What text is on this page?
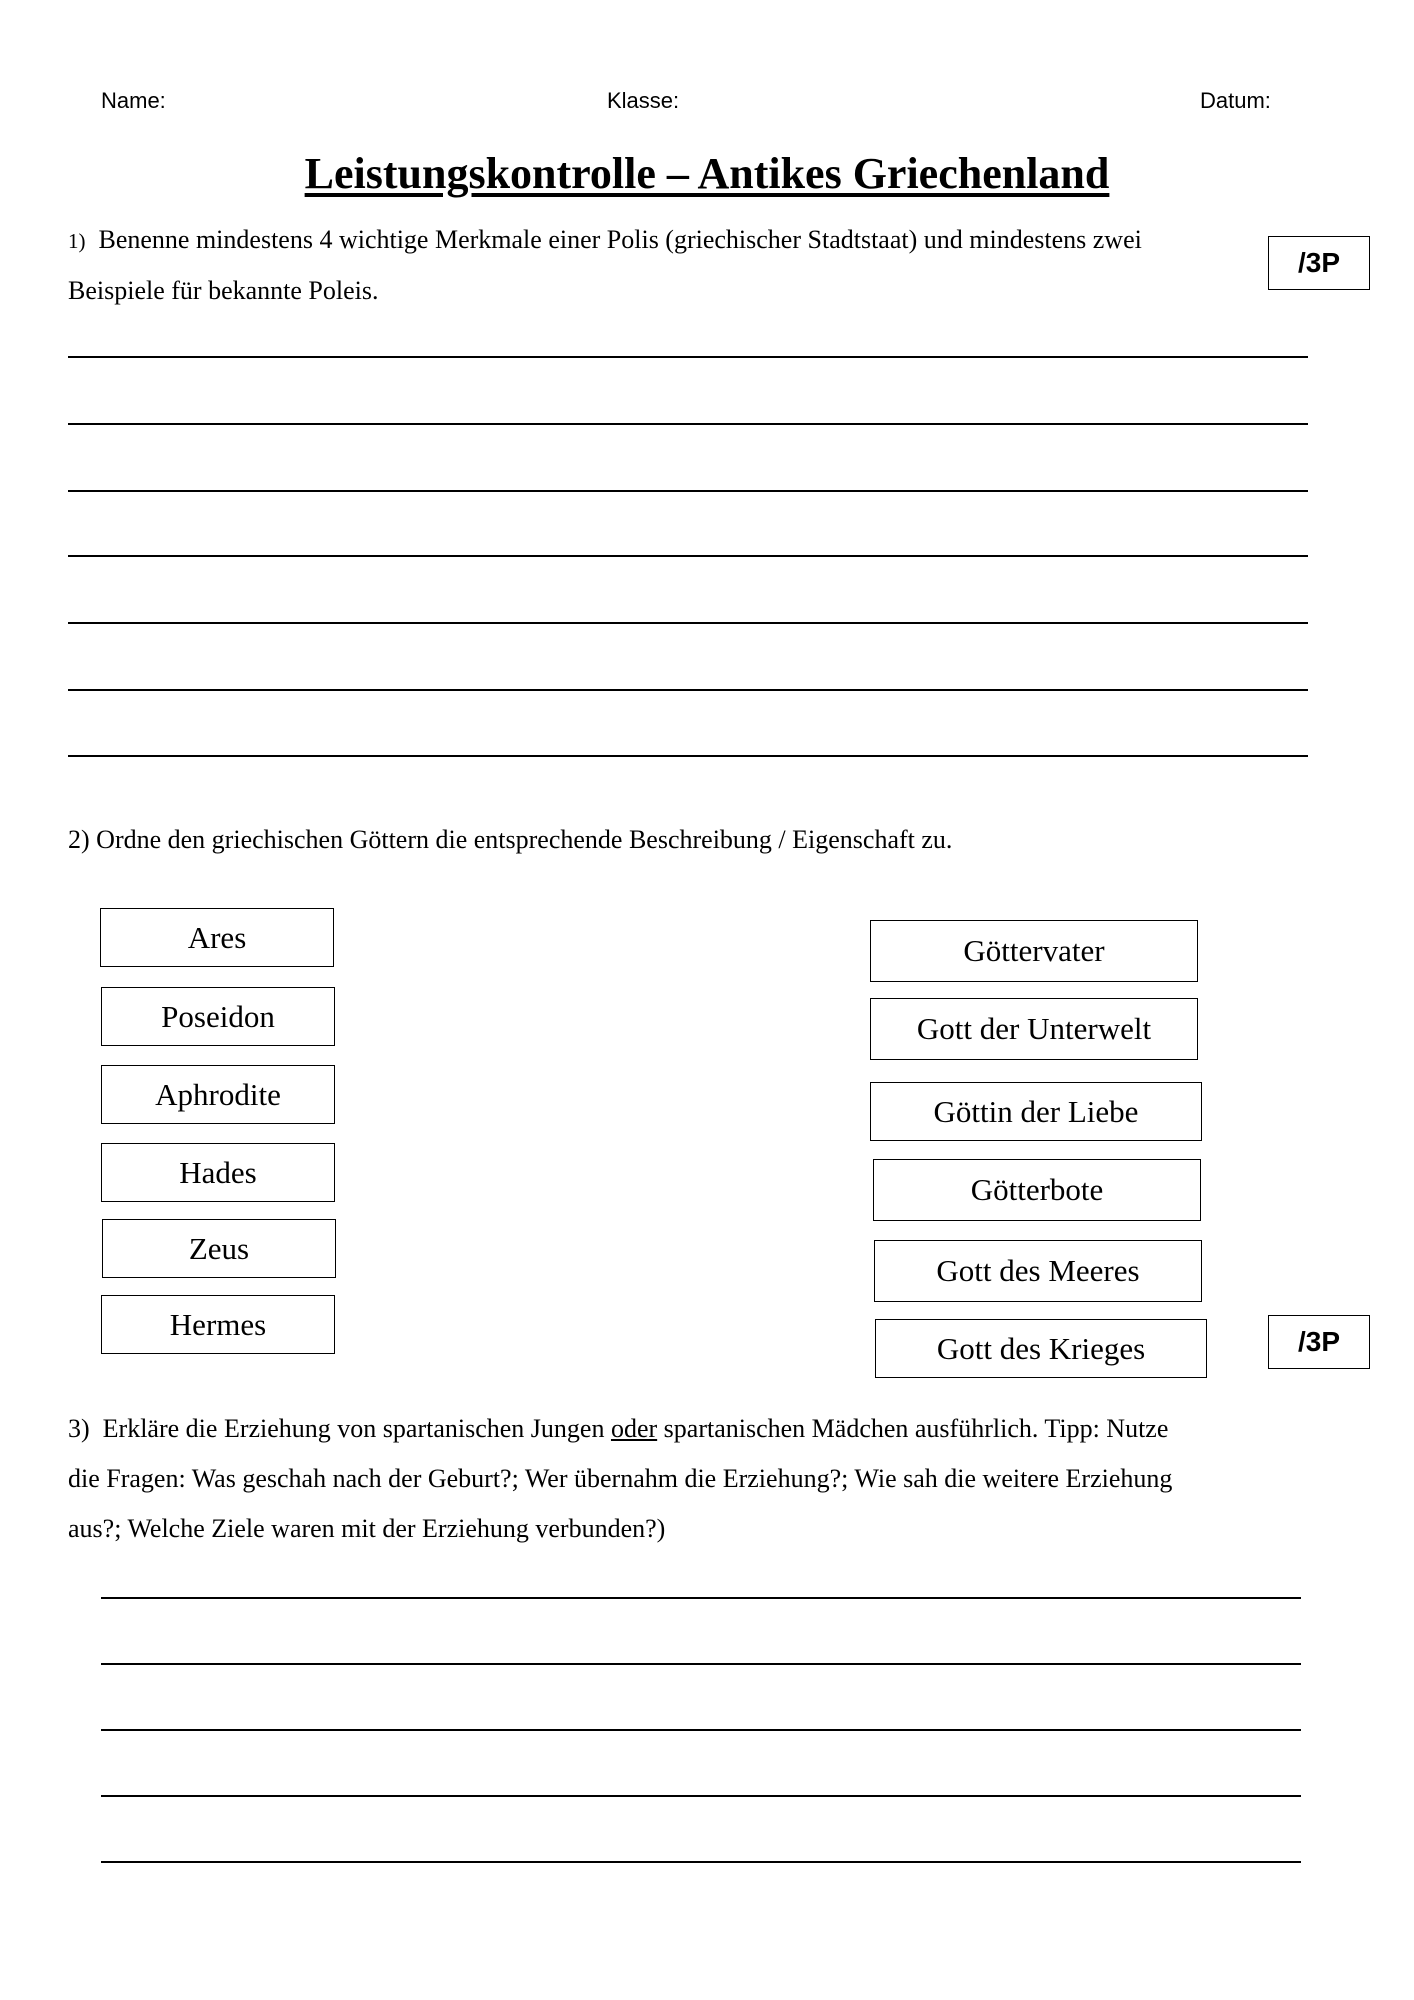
Name:	Klasse:	Datum:
Leistungskontrolle – Antikes Griechenland
1) Benenne mindestens 4 wichtige Merkmale einer Polis (griechischer Stadtstaat) und mindestens zwei
Beispiele für bekannte Poleis.
/3P
2) Ordne den griechischen Göttern die entsprechende Beschreibung / Eigenschaft zu.
Ares
Poseidon
Aphrodite
Hades
Zeus
Hermes
Göttervater
Gott der Unterwelt
Göttin der Liebe
Götterbote
Gott des Meeres
Gott des Krieges	/3P
3) Erkläre die Erziehung von spartanischen Jungen oder spartanischen Mädchen ausführlich. Tipp: Nutze
die Fragen: Was geschah nach der Geburt?; Wer übernahm die Erziehung?; Wie sah die weitere Erziehung
aus?; Welche Ziele waren mit der Erziehung verbunden?)
